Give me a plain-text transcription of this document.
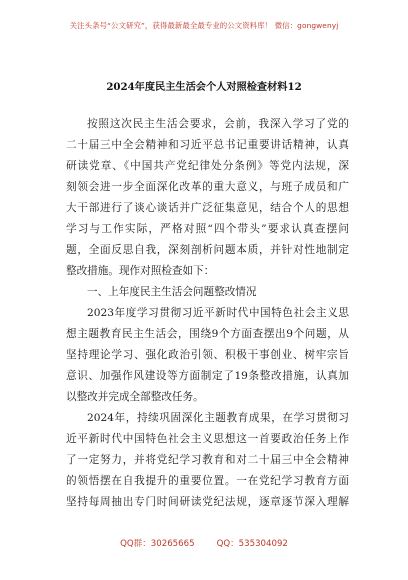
关注头条号“公文研究”，获得最新最全最专业的公文资料库！ 微信：gongwenyj
2024年度民主生活会个人对照检查材料12
按照这次民主生活会要求，会前，我深入学习了党的
二十届三中全会精神和习近平总书记重要讲话精神，认真
研读党章、《中国共产党纪律处分条例》等党内法规，深
刻领会进一步全面深化改革的重大意义，与班子成员和广
大干部进行了谈心谈话并广泛征集意见，结合个人的思想
学习与工作实际，严格对照“四个带头”要求认真查摆问
题，全面反思自我，深刻剖析问题本质，并针对性地制定
整改措施。现作对照检查如下：
一、上年度民主生活会问题整改情况
2023年度学习贯彻习近平新时代中国特色社会主义思
想主题教育民主生活会，围绕9个方面查摆出9个问题，从
坚持理论学习、强化政治引领、积极干事创业、树牢宗旨
意识、加强作风建设等方面制定了19条整改措施，认真加
以整改并完成全部整改任务。
2024年，持续巩固深化主题教育成果，在学习贯彻习
近平新时代中国特色社会主义思想这一首要政治任务上作
了一定努力，并将党纪学习教育和对二十届三中全会精神
的领悟摆在自我提升的重要位置。一在党纪学习教育方面
坚持每周抽出专门时间研读党纪法规，逐章逐节深入理解
QQ群：30265665	QQ：535304092
